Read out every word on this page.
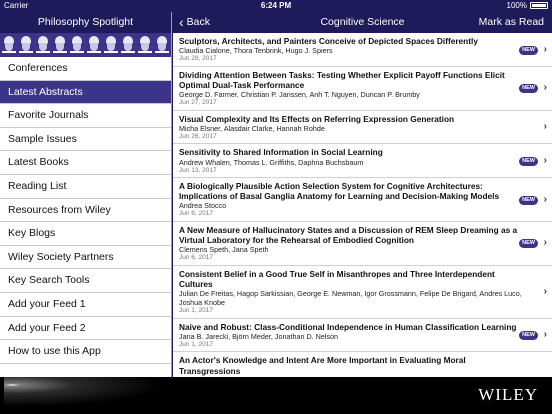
Carrier	6:24 PM	100%
Philosophy Spotlight
Conferences
Latest Abstracts
Favorite Journals
Sample Issues
Latest Books
Reading List
Resources from Wiley
Key Blogs
Wiley Society Partners
Key Search Tools
Add your Feed 1
Add your Feed 2
How to use this App
‹ Back	Cognitive Science	Mark as Read
Sculptors, Architects, and Painters Conceive of Depicted Spaces Differently
Claudia Cialone, Thora Tenbrink, Hugo J. Spiers
Jun 28, 2017
NEW ›
Dividing Attention Between Tasks: Testing Whether Explicit Payoff Functions Elicit Optimal Dual-Task Performance
George D. Farmer, Christian P. Janssen, Anh T. Nguyen, Duncan P. Brumby
Jun 27, 2017
NEW ›
Visual Complexity and Its Effects on Referring Expression Generation
Micha Elsner, Alasdair Clarke, Hannah Rohde
Jun 26, 2017
›
Sensitivity to Shared Information in Social Learning
Andrew Whalen, Thomas L. Griffiths, Daphna Buchsbaum
Jun 13, 2017
NEW ›
A Biologically Plausible Action Selection System for Cognitive Architectures: Implications of Basal Ganglia Anatomy for Learning and Decision-Making Models
Andrea Stocco
Jun 6, 2017
NEW ›
A New Measure of Hallucinatory States and a Discussion of REM Sleep Dreaming as a Virtual Laboratory for the Rehearsal of Embodied Cognition
Clemens Speth, Jana Speth
Jun 6, 2017
NEW ›
Consistent Belief in a Good True Self in Misanthropes and Three Interdependent Cultures
Julian De Freitas, Hagop Sarkissian, George E. Newman, Igor Grossmann, Felipe De Brigard, Andres Luco, Joshua Knobe
Jun 1, 2017
›
Naive and Robust: Class-Conditional Independence in Human Classification Learning
Jana B. Jarecki, Björn Meder, Jonathan D. Nelson
Jun 1, 2017
NEW ›
An Actor's Knowledge and Intent Are More Important in Evaluating Moral Transgressions
WILEY
